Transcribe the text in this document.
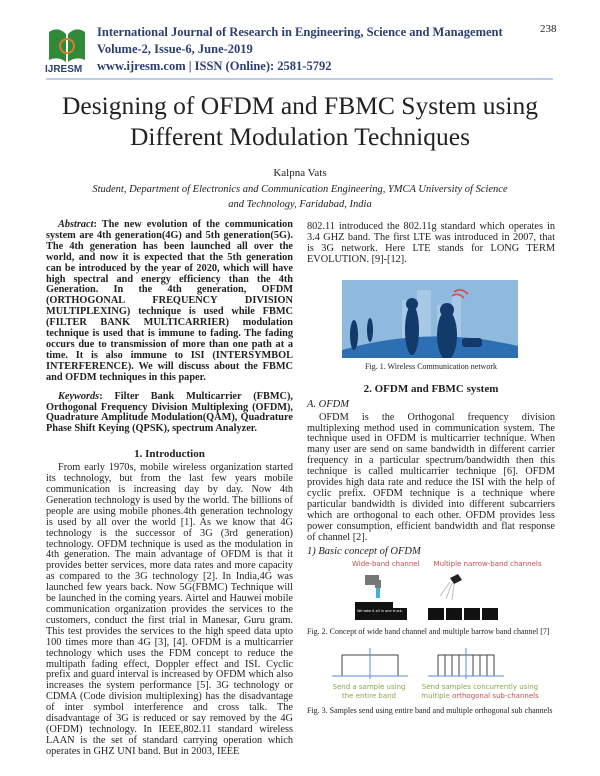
IJRESM
International Journal of Research in Engineering, Science and Management
Volume-2, Issue-6, June-2019
www.ijresm.com | ISSN (Online): 2581-5792
238
Designing of OFDM and FBMC System using Different Modulation Techniques
Kalpna Vats
Student, Department of Electronics and Communication Engineering, YMCA University of Science and Technology, Faridabad, India
Abstract: The new evolution of the communication system are 4th generation(4G) and 5th generation(5G). The 4th generation has been launched all over the world, and now it is expected that the 5th generation can be introduced by the year of 2020, which will have high spectral and energy efficiency than the 4th Generation. In the 4th generation, OFDM (ORTHOGONAL FREQUENCY DIVISION MULTIPLEXING) technique is used while FBMC (FILTER BANK MULTICARRIER) modulation technique is used that is immune to fading. The fading occurs due to transmission of more than one path at a time. It is also immune to ISI (INTERSYMBOL INTERFERENCE). We will discuss about the FBMC and OFDM techniques in this paper.
Keywords: Filter Bank Multicarrier (FBMC), Orthogonal Frequency Division Multiplexing (OFDM), Quadrature Amplitude Modulation(QAM), Quadrature Phase Shift Keying (QPSK), spectrum Analyzer.
1. Introduction
From early 1970s, mobile wireless organization started its technology, but from the last few years mobile communication is increasing day by day. Now 4th Generation technology is used by the world. The billions of people are using mobile phones.4th generation technology is used by all over the world [1]. As we know that 4G technology is the successor of 3G (3rd generation) technology. OFDM technique is used as the modulation in 4th generation. The main advantage of OFDM is that it provides better services, more data rates and more capacity as compared to the 3G technology [2]. In India,4G was launched few years back. Now 5G(FBMC) Technique will be launched in the coming years. Airtel and Hauwei mobile communication organization provides the services to the customers, conduct the first trial in Manesar, Guru gram. This test provides the services to the high speed data upto 100 times more than 4G [3], [4]. OFDM is a multicarrier technology which uses the FDM concept to reduce the multipath fading effect, Doppler effect and ISI. Cyclic prefix and guard interval is increased by OFDM which also increases the system performance [5]. 3G technology or CDMA (Code division multiplexing) has the disadvantage of inter symbol interference and cross talk. The disadvantage of 3G is reduced or say removed by the 4G (OFDM) technology. In IEEE,802.11 standard wireless LAAN is the set of standard carrying operation which operates in GHZ UNI band. But in 2003, IEEE
802.11 introduced the 802.11g standard which operates in 3.4 GHZ band. The first LTE was introduced in 2007, that is 3G network. Here LTE stands for LONG TERM EVOLUTION. [9]-[12].
Fig. 1. Wireless Communication network
2. OFDM and FBMC system
A. OFDM
OFDM is the Orthogonal frequency division multiplexing method used in communication system. The technique used in OFDM is multicarrier technique. When many user are send on same bandwidth in different carrier frequency in a particular spectrum/bandwidth then this technique is called multicarrier technique [6]. OFDM provides high data rate and reduce the ISI with the help of cyclic prefix. OFDM technique is a technique where particular bandwidth is divided into different subcarriers which are orthogonal to each other. OFDM provides less power consumption, efficient bandwidth and flat response of channel [2].
1) Basic concept of OFDM
Wide-band channel Multiple narrow-band channels
We take it all in one truck.
Fig. 2. Concept of wide band channel and multiple barrow band channel [7]
Send a sample using the entire band
Send samples concurrently using multiple orthogonal sub-channels
Fig. 3. Samples send using entire band and multiple orthogonal sub channels
